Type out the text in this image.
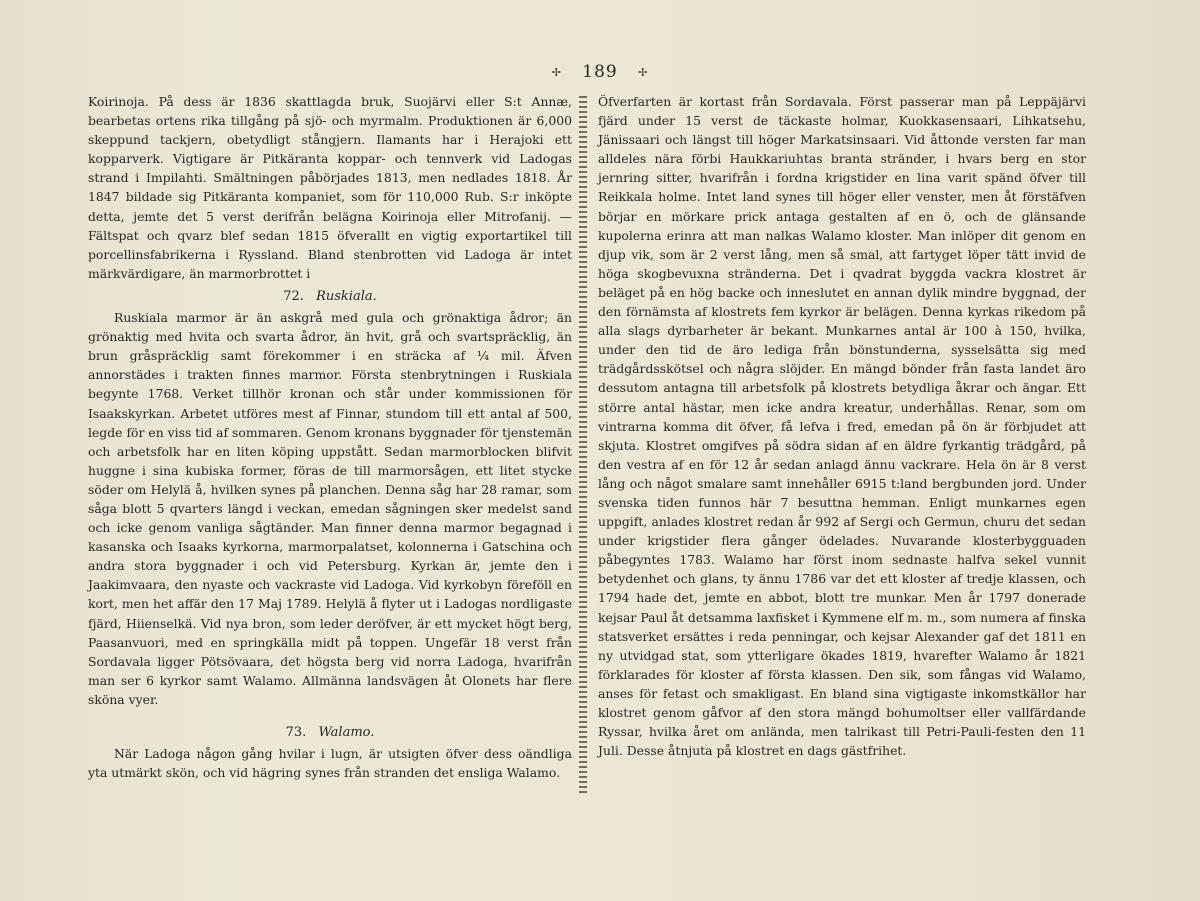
✢ 189 ✢

Koirinoja. På dess är 1836 skattlagda bruk, Suojärvi eller S:t Annæ, bearbetas ortens rika tillgång på sjö- och myrmalm. Produktionen är 6,000 skeppund tackjern, obetydligt stångjern. Ilamants har i Herajoki ett kopparverk. Vigtigare är Pitkäranta koppar- och tennverk vid Ladogas strand i Impilahti. Smältningen påbörjades 1813, men nedlades 1818. År 1847 bildade sig Pitkäranta kompaniet, som för 110,000 Rub. S:r inköpte detta, jemte det 5 verst derifrån belägna Koirinoja eller Mitrofanij. — Fältspat och qvarz blef sedan 1815 öfverallt en vigtig exportartikel till porcellinsfabrikerna i Ryssland. Bland stenbrotten vid Ladoga är intet märkvärdigare, än marmorbrottet i

72. Ruskiala.

Ruskiala marmor är än askgrå med gula och grönaktiga ådror; än grönaktig med hvita och svarta ådror, än hvit, grå och svartspräcklig, än brun gråspräcklig samt förekommer i en sträcka af ¼ mil. Äfven annorstädes i trakten finnes marmor. Första stenbrytningen i Ruskiala begynte 1768. Verket tillhör kronan och står under kommissionen för Isaakskyrkan. Arbetet utföres mest af Finnar, stundom till ett antal af 500, legde för en viss tid af sommaren. Genom kronans byggnader för tjenstemän och arbetsfolk har en liten köping uppstått. Sedan marmorblocken blifvit huggne i sina kubiska former, föras de till marmorsågen, ett litet stycke söder om Helylä å, hvilken synes på planchen. Denna såg har 28 ramar, som såga blott 5 qvarters längd i veckan, emedan sågningen sker medelst sand och icke genom vanliga sågtänder. Man finner denna marmor begagnad i kasanska och Isaaks kyrkorna, marmorpalatset, kolonnerna i Gatschina och andra stora byggnader i och vid Petersburg. Kyrkan är, jemte den i Jaakimvaara, den nyaste och vackraste vid Ladoga. Vid kyrkobyn föreföll en kort, men het affär den 17 Maj 1789. Helylä å flyter ut i Ladogas nordligaste fjärd, Hiienselkä. Vid nya bron, som leder deröfver, är ett mycket högt berg, Paasanvuori, med en springkälla midt på toppen. Ungefär 18 verst från Sordavala ligger Pötsövaara, det högsta berg vid norra Ladoga, hvarifrån man ser 6 kyrkor samt Walamo. Allmänna landsvägen åt Olonets har flere sköna vyer.

73. Walamo.

När Ladoga någon gång hvilar i lugn, är utsigten öfver dess oändliga yta utmärkt skön, och vid hägring synes från stranden det ensliga Walamo.

Öfverfarten är kortast från Sordavala. Först passerar man på Leppäjärvi fjärd under 15 verst de täckaste holmar, Kuokkasensaari, Lihkatsehu, Jänissaari och längst till höger Markatsinsaari. Vid åttonde versten far man alldeles nära förbi Haukkariuhtas branta stränder, i hvars berg en stor jernring sitter, hvarifrån i fordna krigstider en lina varit spänd öfver till Reikkala holme. Intet land synes till höger eller venster, men åt förstäfven börjar en mörkare prick antaga gestalten af en ö, och de glänsande kupolerna erinra att man nalkas Walamo kloster. Man inlöper dit genom en djup vik, som är 2 verst lång, men så smal, att fartyget löper tätt invid de höga skogbevuxna stränderna. Det i qvadrat byggda vackra klostret är beläget på en hög backe och inneslutet en annan dylik mindre byggnad, der den förnämsta af klostrets fem kyrkor är belägen. Denna kyrkas rikedom på alla slags dyrbarheter är bekant. Munkarnes antal är 100 à 150, hvilka, under den tid de äro lediga från bönstunderna, sysselsätta sig med trädgårdsskötsel och några slöjder. En mängd bönder från fasta landet äro dessutom antagna till arbetsfolk på klostrets betydliga åkrar och ängar. Ett större antal hästar, men icke andra kreatur, underhållas. Renar, som om vintrarna komma dit öfver, få lefva i fred, emedan på ön är förbjudet att skjuta. Klostret omgifves på södra sidan af en äldre fyrkantig trädgård, på den vestra af en för 12 år sedan anlagd ännu vackrare. Hela ön är 8 verst lång och något smalare samt innehåller 6915 t:land bergbunden jord. Under svenska tiden funnos här 7 besuttna hemman. Enligt munkarnes egen uppgift, anlades klostret redan år 992 af Sergi och Germun, churu det sedan under krigstider flera gånger ödelades. Nuvarande klosterbygguaden påbegyntes 1783. Walamo har först inom sednaste halfva sekel vunnit betydenhet och glans, ty ännu 1786 var det ett kloster af tredje klassen, och 1794 hade det, jemte en abbot, blott tre munkar. Men år 1797 donerade kejsar Paul åt detsamma laxfisket i Kymmene elf m. m., som numera af finska statsverket ersättes i reda penningar, och kejsar Alexander gaf det 1811 en ny utvidgad stat, som ytterligare ökades 1819, hvarefter Walamo år 1821 förklarades för kloster af första klassen. Den sik, som fångas vid Walamo, anses för fetast och smakligast. En bland sina vigtigaste inkomstkällor har klostret genom gåfvor af den stora mängd bohumoltser eller vallfärdande Ryssar, hvilka året om anlända, men talrikast till Petri-Pauli-festen den 11 Juli. Desse åtnjuta på klostret en dags gästfrihet.
